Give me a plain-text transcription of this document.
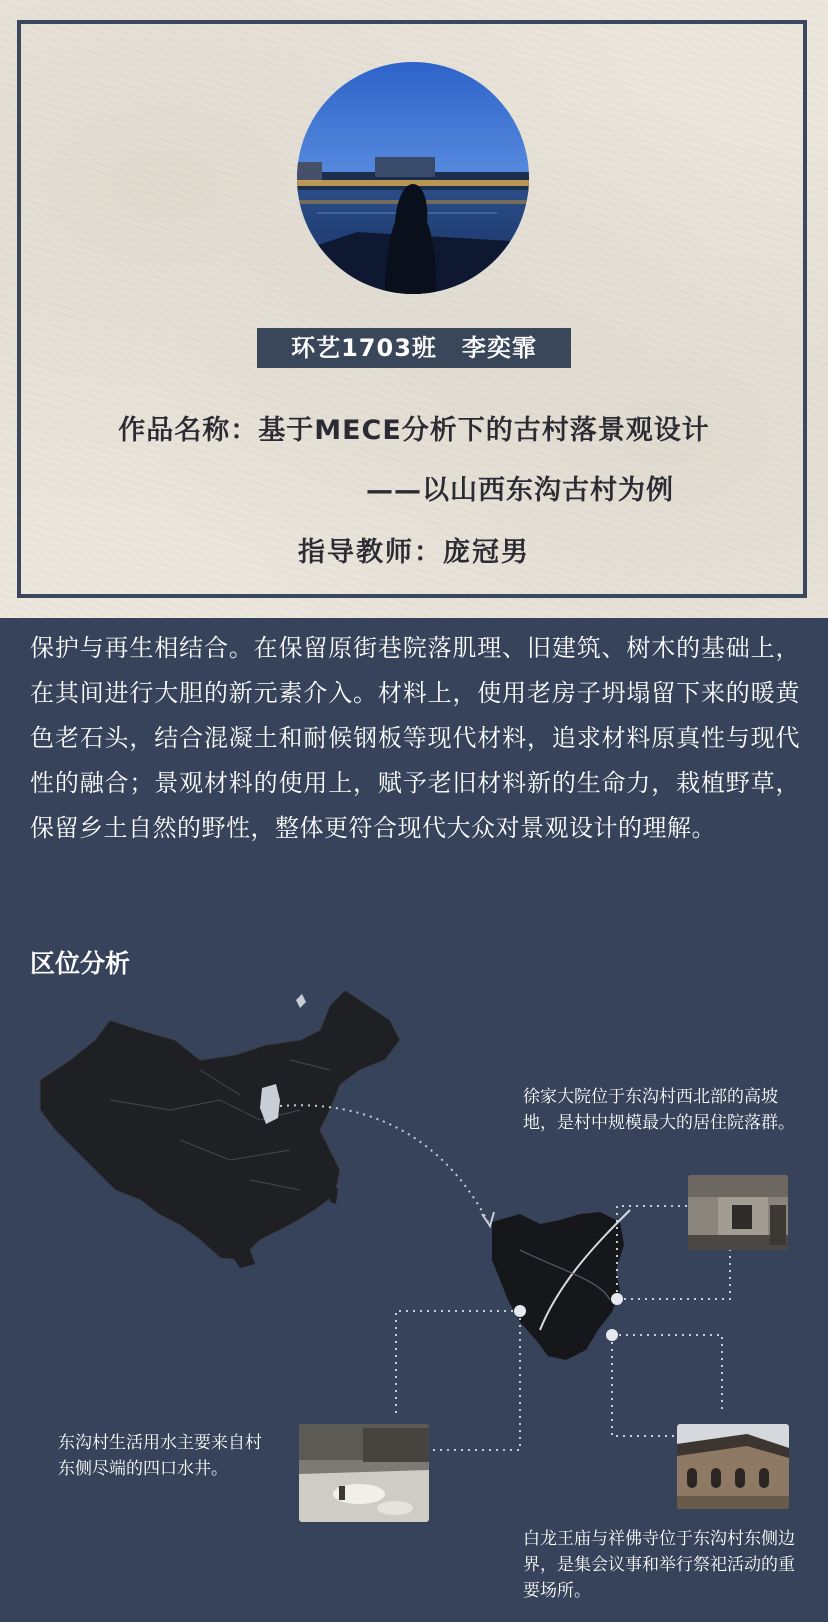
环艺1703班　李奕霏
作品名称：基于MECE分析下的古村落景观设计
——以山西东沟古村为例
指导教师：庞冠男
保护与再生相结合。在保留原街巷院落肌理、旧建筑、树木的基础上，在其间进行大胆的新元素介入。材料上，使用老房子坍塌留下来的暖黄色老石头，结合混凝土和耐候钢板等现代材料，追求材料原真性与现代性的融合；景观材料的使用上，赋予老旧材料新的生命力，栽植野草，保留乡土自然的野性，整体更符合现代大众对景观设计的理解。
区位分析
徐家大院位于东沟村西北部的高坡地，是村中规模最大的居住院落群。
东沟村生活用水主要来自村东侧尽端的四口水井。
白龙王庙与祥佛寺位于东沟村东侧边界，是集会议事和举行祭祀活动的重要场所。
